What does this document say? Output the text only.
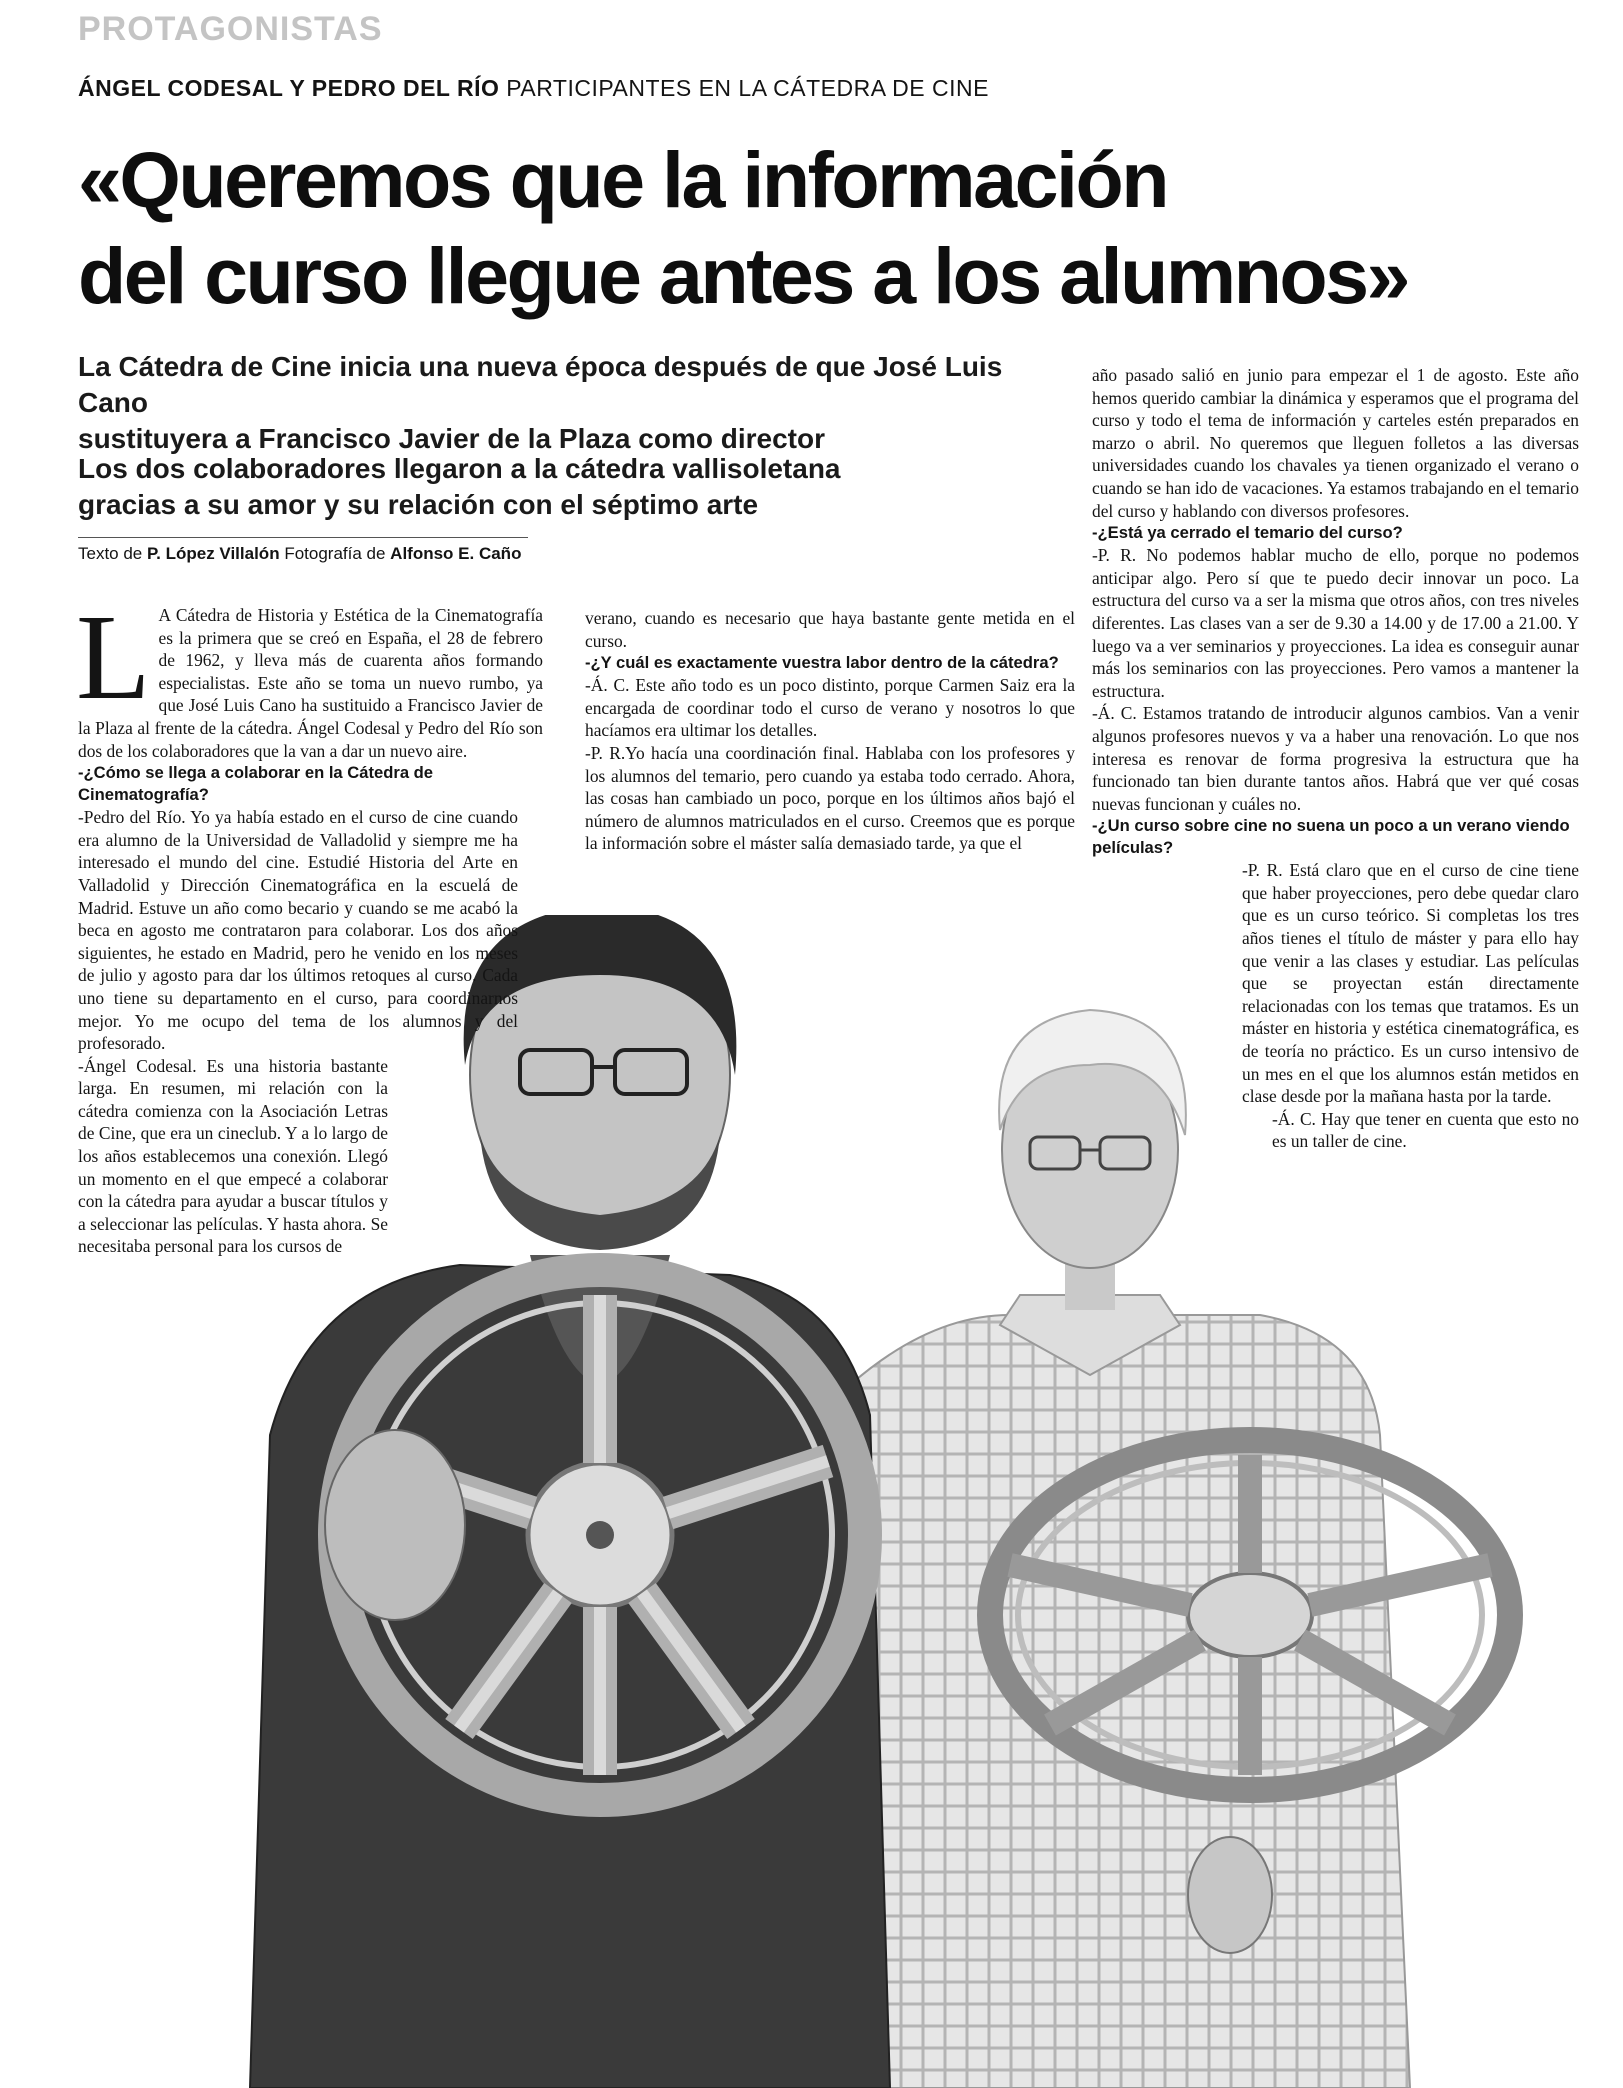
PROTAGONISTAS
ÁNGEL CODESAL Y PEDRO DEL RÍO PARTICIPANTES EN LA CÁTEDRA DE CINE
«Queremos que la información
del curso llegue antes a los alumnos»
La Cátedra de Cine inicia una nueva época después de que José Luis Cano
sustituyera a Francisco Javier de la Plaza como director
Los dos colaboradores llegaron a la cátedra vallisoletana
gracias a su amor y su relación con el séptimo arte
Texto de P. López Villalón Fotografía de Alfonso E. Caño

L A Cátedra de Historia y Estética de la Cinematografía es la primera que se creó en España, el 28 de febrero de 1962, y lleva más de cuarenta años formando especialistas. Este año se toma un nuevo rumbo, ya que José Luis Cano ha sustituido a Francisco Javier de la Plaza al frente de la cátedra. Ángel Codesal y Pedro del Río son dos de los colaboradores que la van a dar un nuevo aire.

-¿Cómo se llega a colaborar en la Cátedra de Cinematografía?

-Pedro del Río. Yo ya había estado en el curso de cine cuando era alumno de la Universidad de Valladolid y siempre me ha interesado el mundo del cine. Estudié Historia del Arte en Valladolid y Dirección Cinematográfica en la escuelá de Madrid. Estuve un año como becario y cuando se me acabó la beca en agosto me contrataron para colaborar. Los dos años siguientes, he estado en Madrid, pero he venido en los meses de julio y agosto para dar los últimos retoques al curso. Cada uno tiene su departamento en el curso, para coordinarnos mejor. Yo me ocupo del tema de los alumnos y del profesorado.

-Ángel Codesal. Es una historia bastante larga. En resumen, mi relación con la cátedra comienza con la Asociación Letras de Cine, que era un cineclub. Y a lo largo de los años establecemos una conexión. Llegó un momento en el que empecé a colaborar con la cátedra para ayudar a buscar títulos y a seleccionar las películas. Y hasta ahora. Se necesitaba personal para los cursos de

verano, cuando es necesario que haya bastante gente metida en el curso.

-¿Y cuál es exactamente vuestra labor dentro de la cátedra?

-Á. C. Este año todo es un poco distinto, porque Carmen Saiz era la encargada de coordinar todo el curso de verano y nosotros lo que hacíamos era ultimar los detalles.

-P. R.Yo hacía una coordinación final. Hablaba con los profesores y los alumnos del temario, pero cuando ya estaba todo cerrado. Ahora, las cosas han cambiado un poco, porque en los últimos años bajó el número de alumnos matriculados en el curso. Creemos que es porque la información sobre el máster salía demasiado tarde, ya que el

año pasado salió en junio para empezar el 1 de agosto. Este año hemos querido cambiar la dinámica y esperamos que el programa del curso y todo el tema de información y carteles estén preparados en marzo o abril. No queremos que lleguen folletos a las diversas universidades cuando los chavales ya tienen organizado el verano o cuando se han ido de vacaciones. Ya estamos trabajando en el temario del curso y hablando con diversos profesores.

-¿Está ya cerrado el temario del curso?

-P. R. No podemos hablar mucho de ello, porque no podemos anticipar algo. Pero sí que te puedo decir innovar un poco. La estructura del curso va a ser la misma que otros años, con tres niveles diferentes. Las clases van a ser de 9.30 a 14.00 y de 17.00 a 21.00. Y luego va a ver seminarios y proyecciones. La idea es conseguir aunar más los seminarios con las proyecciones. Pero vamos a mantener la estructura.

-Á. C. Estamos tratando de introducir algunos cambios. Van a venir algunos profesores nuevos y va a haber una renovación. Lo que nos interesa es renovar de forma progresiva la estructura que ha funcionado tan bien durante tantos años. Habrá que ver qué cosas nuevas funcionan y cuáles no.

-¿Un curso sobre cine no suena un poco a un verano viendo películas?

-P. R. Está claro que en el curso de cine tiene que haber proyecciones, pero debe quedar claro que es un curso teórico. Si completas los tres años tienes el título de máster y para ello hay que venir a las clases y estudiar. Las películas que se proyectan están directamente relacionadas con los temas que tratamos. Es un máster en historia y estética cinematográfica, es de teoría no práctico. Es un curso intensivo de un mes en el que los alumnos están metidos en clase desde por la mañana hasta por la tarde.

-Á. C. Hay que tener en cuenta que esto no es un taller de cine.
